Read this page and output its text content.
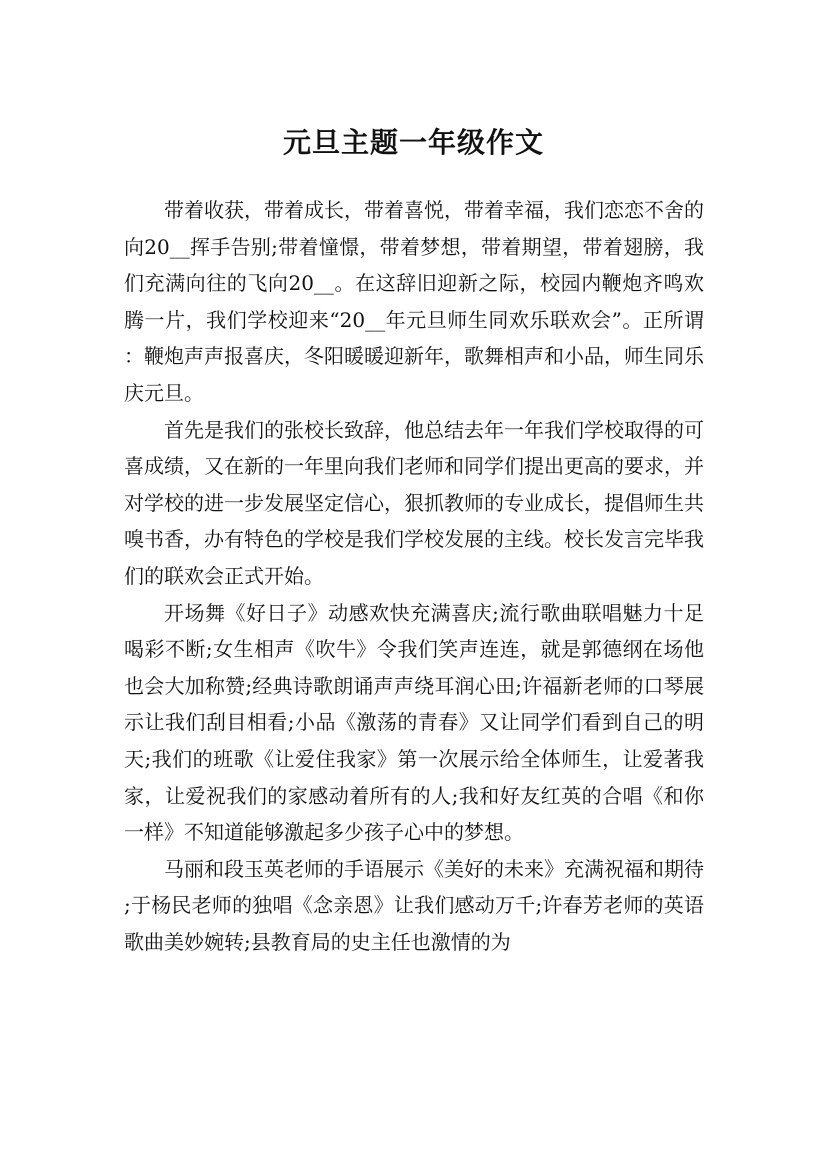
元旦主题一年级作文

带着收获，带着成长，带着喜悦，带着幸福，我们恋恋不舍的向20__挥手告别;带着憧憬，带着梦想，带着期望，带着翅膀，我们充满向往的飞向20__。在这辞旧迎新之际，校园内鞭炮齐鸣欢腾一片，我们学校迎来“20__年元旦师生同欢乐联欢会”。正所谓：鞭炮声声报喜庆，冬阳暖暖迎新年，歌舞相声和小品，师生同乐庆元旦。

首先是我们的张校长致辞，他总结去年一年我们学校取得的可喜成绩，又在新的一年里向我们老师和同学们提出更高的要求，并对学校的进一步发展坚定信心，狠抓教师的专业成长，提倡师生共嗅书香，办有特色的学校是我们学校发展的主线。校长发言完毕我们的联欢会正式开始。

开场舞《好日子》动感欢快充满喜庆;流行歌曲联唱魅力十足喝彩不断;女生相声《吹牛》令我们笑声连连，就是郭德纲在场他也会大加称赞;经典诗歌朗诵声声绕耳润心田;许福新老师的口琴展示让我们刮目相看;小品《激荡的青春》又让同学们看到自己的明天;我们的班歌《让爱住我家》第一次展示给全体师生，让爱著我家，让爱祝我们的家感动着所有的人;我和好友红英的合唱《和你一样》不知道能够激起多少孩子心中的梦想。

马丽和段玉英老师的手语展示《美好的未来》充满祝福和期待;于杨民老师的独唱《念亲恩》让我们感动万千;许春芳老师的英语歌曲美妙婉转;县教育局的史主任也激情的为
